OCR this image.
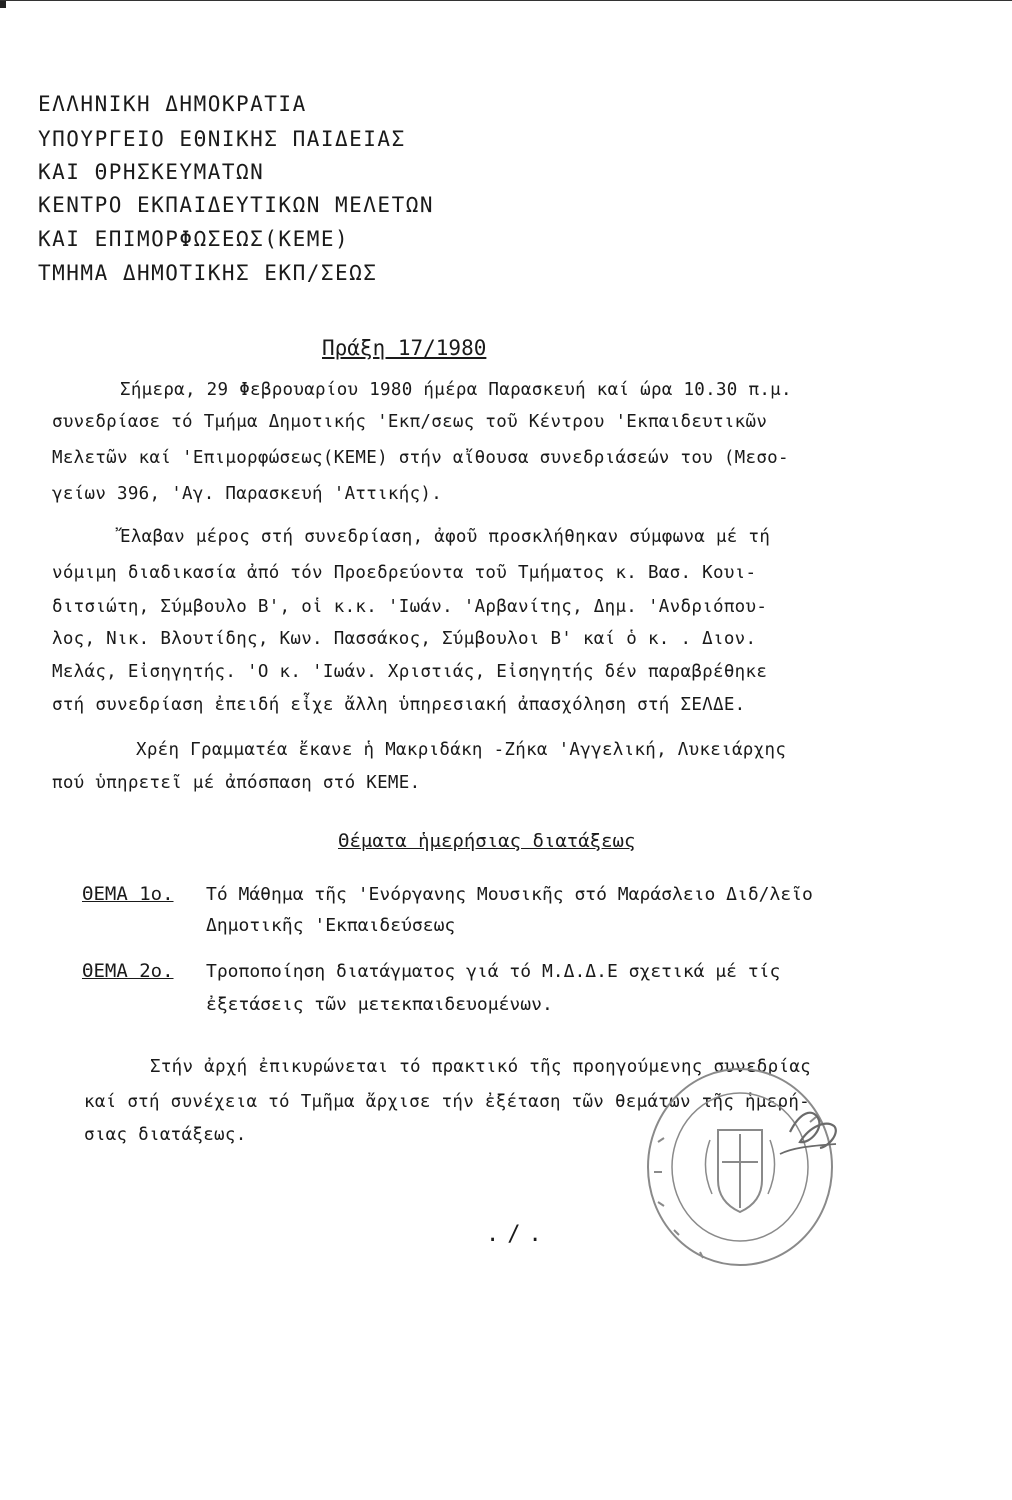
ΕΛΛΗΝΙΚΗ ΔΗΜΟΚΡΑΤΙΑ
ΥΠΟΥΡΓΕΙΟ ΕΘΝΙΚΗΣ ΠΑΙΔΕΙΑΣ
ΚΑΙ ΘΡΗΣΚΕΥΜΑΤΩΝ
ΚΕΝΤΡΟ ΕΚΠΑΙΔΕΥΤΙΚΩΝ ΜΕΛΕΤΩΝ
ΚΑΙ ΕΠΙΜΟΡΦΩΣΕΩΣ(ΚΕΜΕ)
ΤΜΗΜΑ ΔΗΜΟΤΙΚΗΣ ΕΚΠ/ΣΕΩΣ
Πράξη 17/1980
Σήμερα, 29 Φεβρουαρίου 1980 ήμέρα Παρασκευή καί ώρα 10.30 π.μ.
συνεδρίασε τό Τμήμα Δημοτικής 'Εκπ/σεως τοῦ Κέντρου 'Εκπαιδευτικῶν
Μελετῶν καί 'Επιμορφώσεως(ΚΕΜΕ) στήν αἴθουσα συνεδριάσεών του (Μεσο-
γείων 396, 'Αγ. Παρασκευή 'Αττικής).
Ἔλαβαν μέρος στή συνεδρίαση, ἀφοῦ προσκλήθηκαν σύμφωνα μέ τή
νόμιμη διαδικασία ἀπό τόν Προεδρεύοντα τοῦ Τμήματος κ. Βασ. Κουι-
διτσιώτη, Σύμβουλο Β', οἱ κ.κ. 'Ιωάν. 'Αρβανίτης, Δημ. 'Ανδριόπου-
λος, Νικ. Βλουτίδης, Κων. Πασσάκος, Σύμβουλοι Β' καί ὁ κ. . Διον.
Μελάς, Εἰσηγητής. 'Ο κ. 'Ιωάν. Χριστιάς, Εἰσηγητής δέν παραβρέθηκε
στή συνεδρίαση ἐπειδή εἶχε ἄλλη ὑπηρεσιακή ἀπασχόληση στή ΣΕΛΔΕ.
Χρέη Γραμματέα ἔκανε ἡ Μακριδάκη -Ζήκα 'Αγγελική, Λυκειάρχης
πού ὑπηρετεῖ μέ ἀπόσπαση στό ΚΕΜΕ.
Θέματα ἡμερήσιας διατάξεως
ΘΕΜΑ 1ο. Τό Μάθημα τῆς 'Ενόργανης Μουσικῆς στό Μαράσλειο Διδ/λεῖο
Δημοτικῆς 'Εκπαιδεύσεως
ΘΕΜΑ 2ο. Τροποποίηση διατάγματος γιά τό Μ.Δ.Δ.Ε σχετικά μέ τίς
ἐξετάσεις τῶν μετεκπαιδευομένων.
Στήν ἀρχή ἐπικυρώνεται τό πρακτικό τῆς προηγούμενης συνεδρίας
καί στή συνέχεια τό Τμῆμα ἄρχισε τήν ἐξέταση τῶν θεμάτων τῆς ἡμερή-
σιας διατάξεως.
./.
